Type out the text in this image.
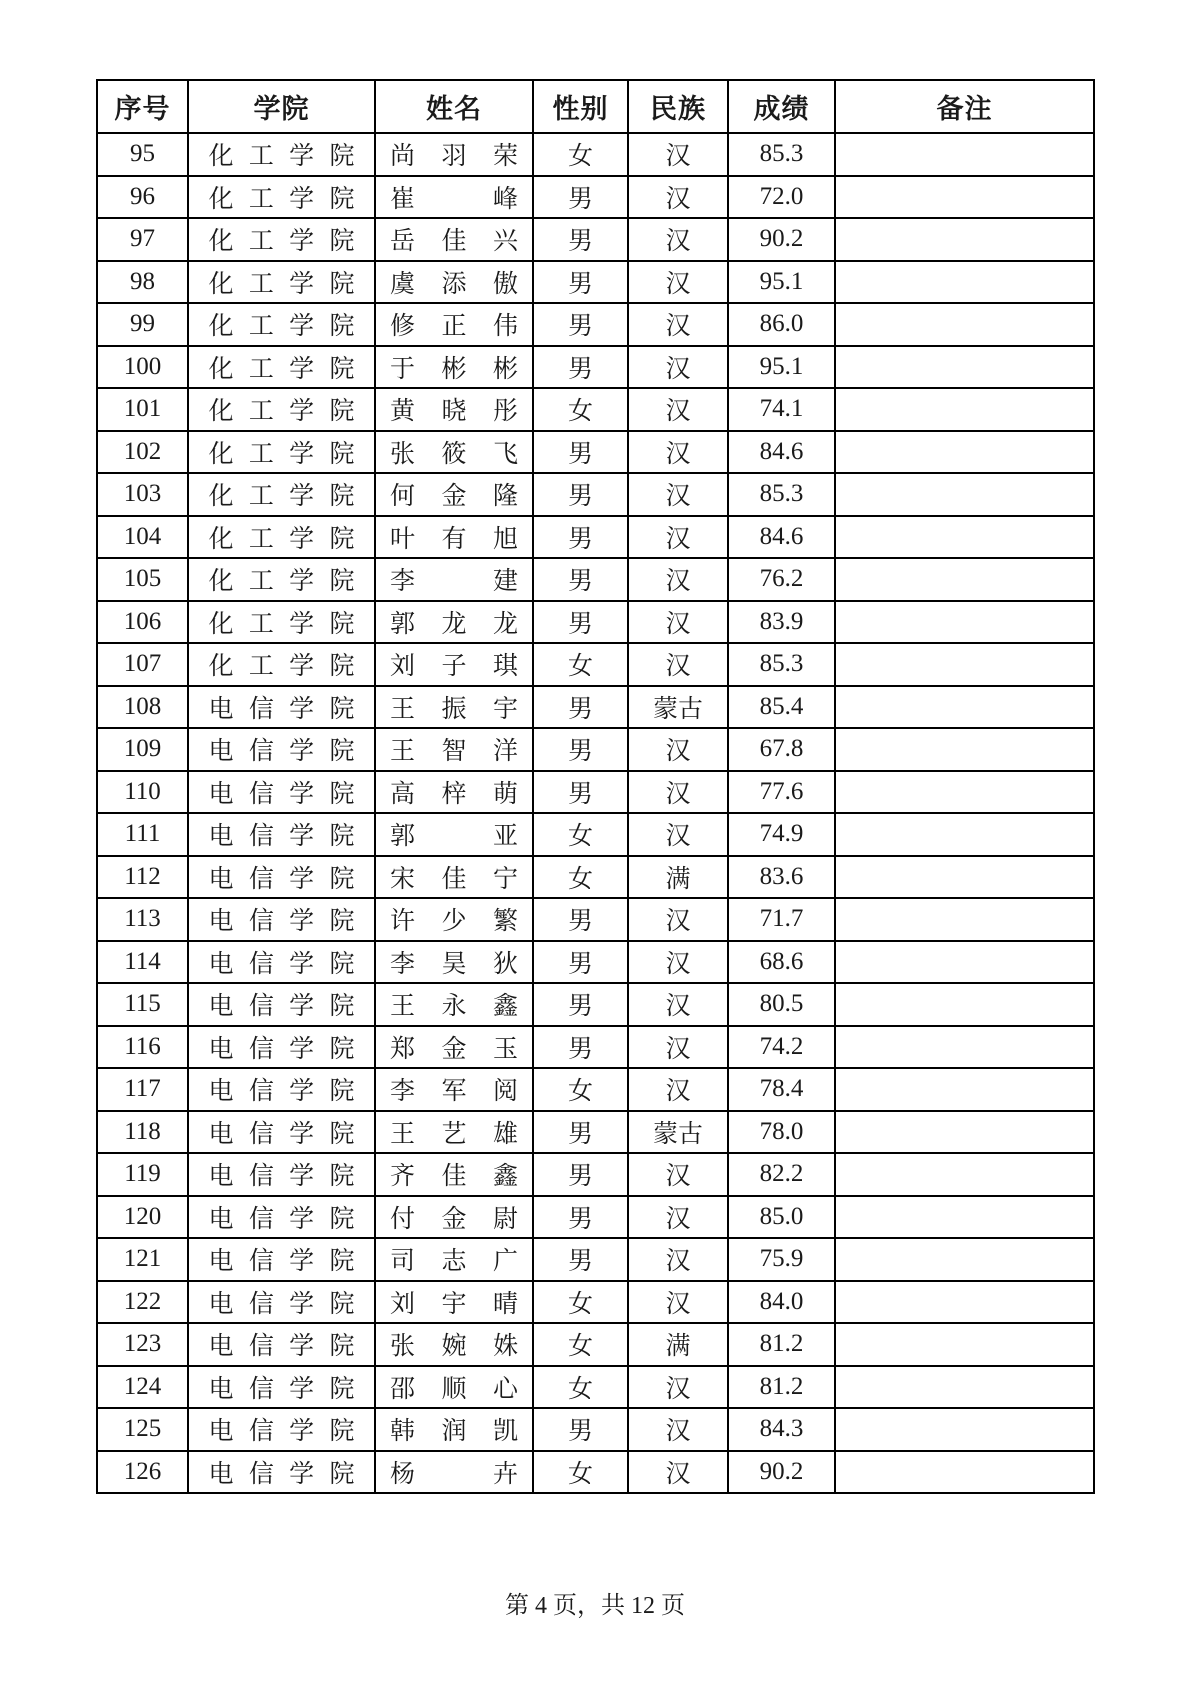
序号	学院	姓名	性别	民族	成绩	备注
95	化工学院	尚羽荣	女	汉	85.3	
96	化工学院	崔峰	男	汉	72.0	
97	化工学院	岳佳兴	男	汉	90.2	
98	化工学院	虞添傲	男	汉	95.1	
99	化工学院	修正伟	男	汉	86.0	
100	化工学院	于彬彬	男	汉	95.1	
101	化工学院	黄晓彤	女	汉	74.1	
102	化工学院	张筱飞	男	汉	84.6	
103	化工学院	何金隆	男	汉	85.3	
104	化工学院	叶有旭	男	汉	84.6	
105	化工学院	李建	男	汉	76.2	
106	化工学院	郭龙龙	男	汉	83.9	
107	化工学院	刘子琪	女	汉	85.3	
108	电信学院	王振宇	男	蒙古	85.4	
109	电信学院	王智洋	男	汉	67.8	
110	电信学院	高梓萌	男	汉	77.6	
111	电信学院	郭亚	女	汉	74.9	
112	电信学院	宋佳宁	女	满	83.6	
113	电信学院	许少繁	男	汉	71.7	
114	电信学院	李昊狄	男	汉	68.6	
115	电信学院	王永鑫	男	汉	80.5	
116	电信学院	郑金玉	男	汉	74.2	
117	电信学院	李军阅	女	汉	78.4	
118	电信学院	王艺雄	男	蒙古	78.0	
119	电信学院	齐佳鑫	男	汉	82.2	
120	电信学院	付金尉	男	汉	85.0	
121	电信学院	司志广	男	汉	75.9	
122	电信学院	刘宇晴	女	汉	84.0	
123	电信学院	张婉姝	女	满	81.2	
124	电信学院	邵顺心	女	汉	81.2	
125	电信学院	韩润凯	男	汉	84.3	
126	电信学院	杨卉	女	汉	90.2	
第 4 页，共 12 页
